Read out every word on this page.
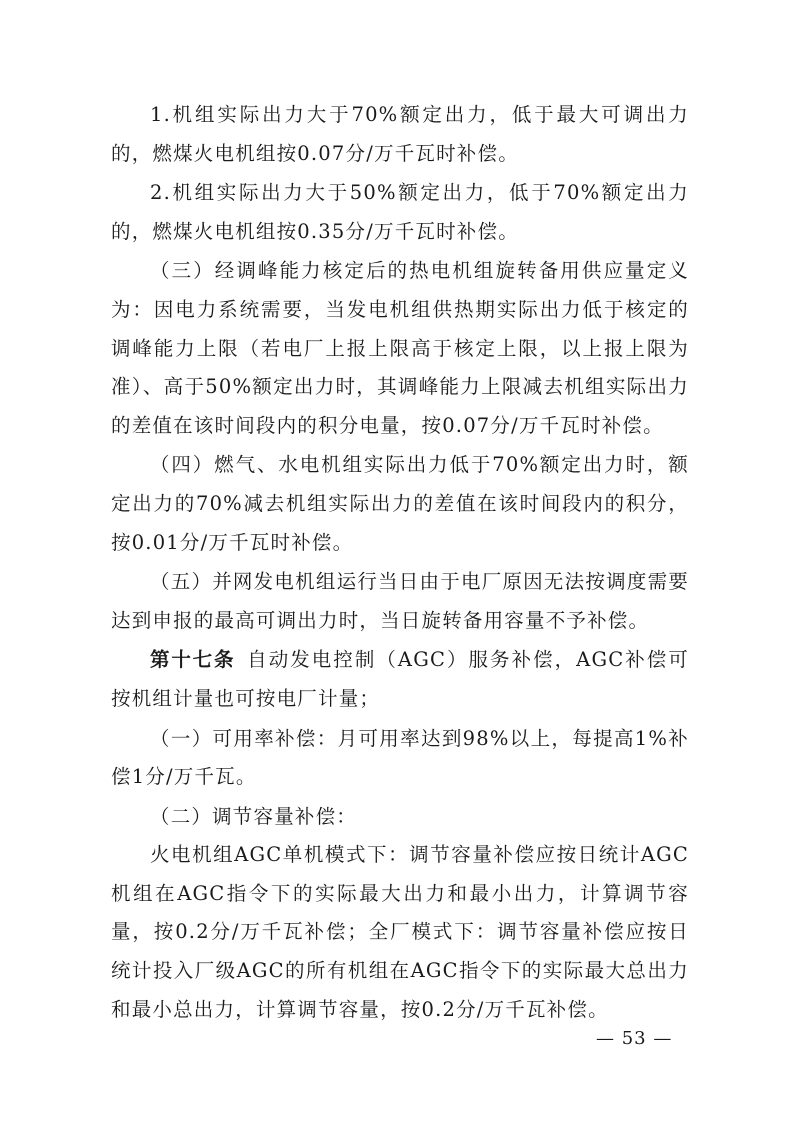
1.机组实际出力大于70%额定出力，低于最大可调出力的，燃煤火电机组按0.07分/万千瓦时补偿。

2.机组实际出力大于50%额定出力，低于70%额定出力的，燃煤火电机组按0.35分/万千瓦时补偿。

（三）经调峰能力核定后的热电机组旋转备用供应量定义为：因电力系统需要，当发电机组供热期实际出力低于核定的调峰能力上限（若电厂上报上限高于核定上限，以上报上限为准）、高于50%额定出力时，其调峰能力上限减去机组实际出力的差值在该时间段内的积分电量，按0.07分/万千瓦时补偿。

（四）燃气、水电机组实际出力低于70%额定出力时，额定出力的70%减去机组实际出力的差值在该时间段内的积分，按0.01分/万千瓦时补偿。

（五）并网发电机组运行当日由于电厂原因无法按调度需要达到申报的最高可调出力时，当日旋转备用容量不予补偿。

第十七条  自动发电控制（AGC）服务补偿，AGC补偿可按机组计量也可按电厂计量；

（一）可用率补偿：月可用率达到98%以上，每提高1%补偿1分/万千瓦。

（二）调节容量补偿：

火电机组AGC单机模式下：调节容量补偿应按日统计AGC机组在AGC指令下的实际最大出力和最小出力，计算调节容量，按0.2分/万千瓦补偿；全厂模式下：调节容量补偿应按日统计投入厂级AGC的所有机组在AGC指令下的实际最大总出力和最小总出力，计算调节容量，按0.2分/万千瓦补偿。

— 53 —
